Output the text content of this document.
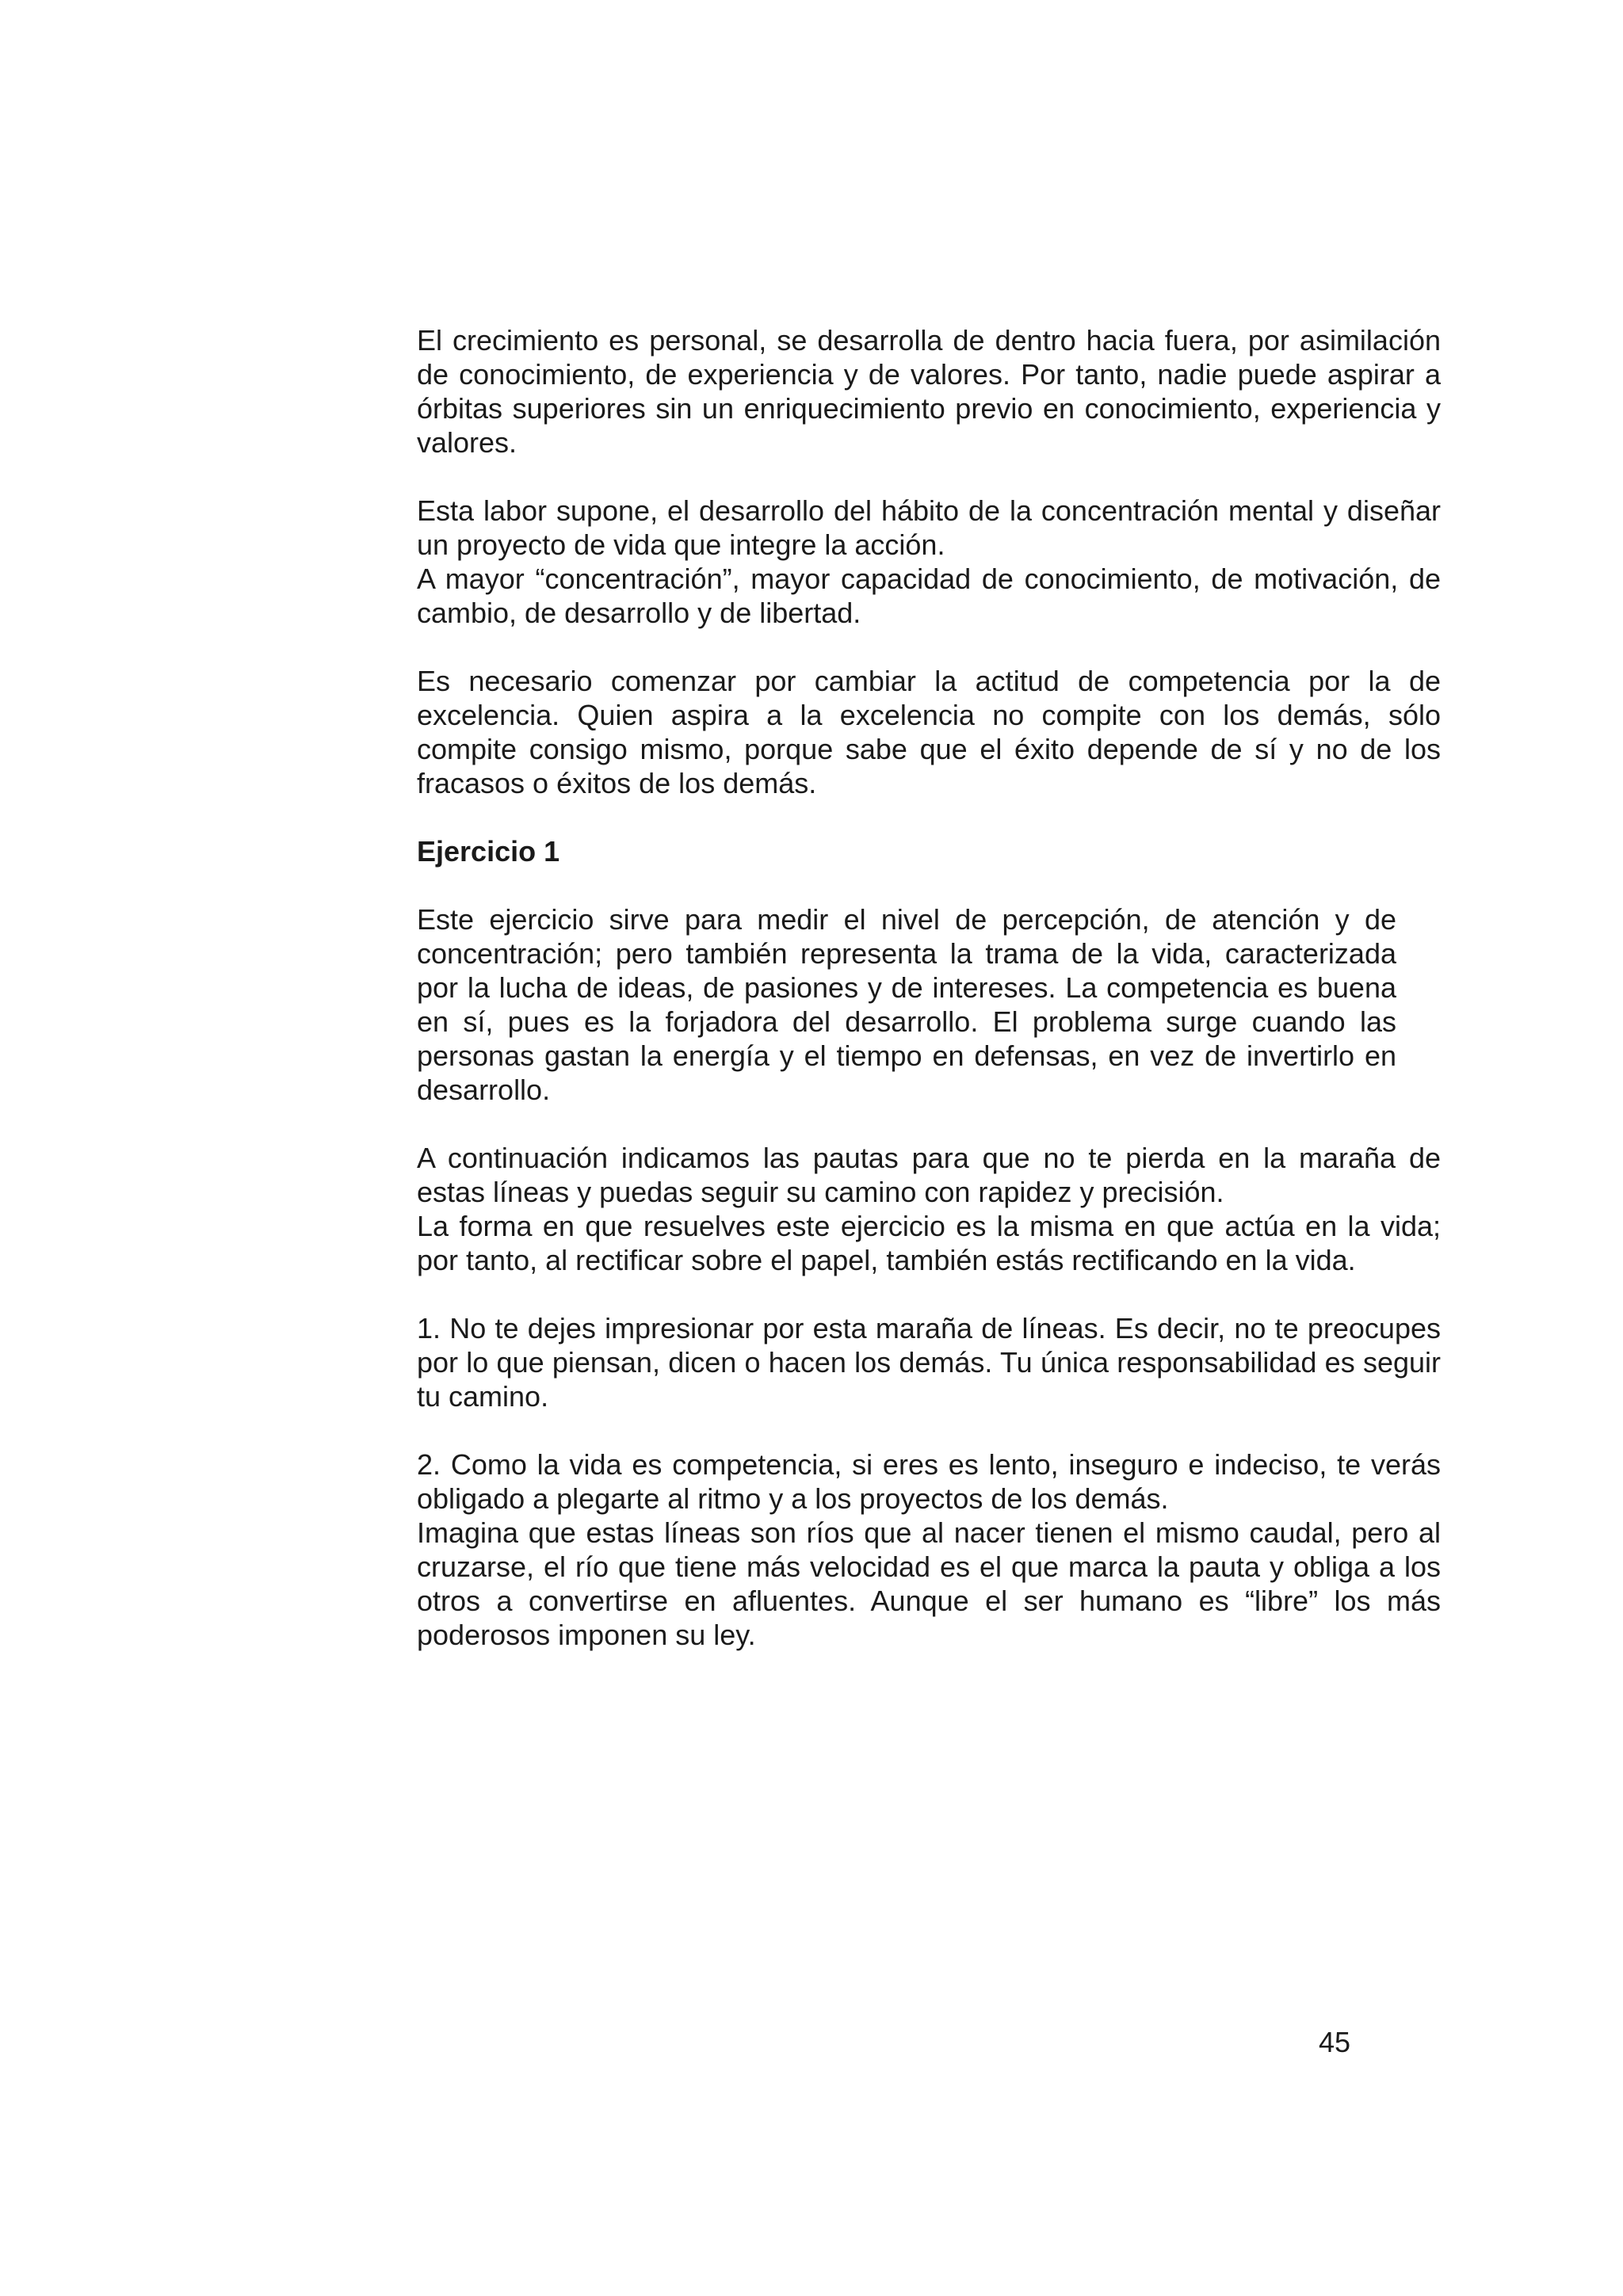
El crecimiento es personal, se desarrolla de dentro hacia fuera, por asimilación de conocimiento, de experiencia y de valores. Por tanto, nadie puede aspirar a órbitas superiores sin un enriquecimiento previo en conocimiento, experiencia y valores.

Esta labor supone, el desarrollo del hábito de la concentración mental y diseñar un proyecto de vida que integre la acción.

A mayor “concentración”, mayor capacidad de conocimiento, de motivación, de cambio, de desarrollo y de libertad.

Es necesario comenzar por cambiar la actitud de competencia por la de excelencia. Quien aspira a la excelencia no compite con los demás, sólo compite consigo mismo, porque sabe que el éxito depende de sí y no de los fracasos o éxitos de los demás.

Ejercicio 1

Este ejercicio sirve para medir el nivel de percepción, de atención y de concentración; pero también representa la trama de la vida, caracterizada por la lucha de ideas, de pasiones y de intereses. La competencia es buena en sí, pues es la forjadora del desarrollo. El problema surge cuando las personas gastan la energía y el tiempo en defensas, en vez de invertirlo en desarrollo.

A continuación indicamos las pautas para que no te pierda en la maraña de estas líneas y puedas seguir su camino con rapidez y precisión.

La forma en que resuelves este ejercicio es la misma en que actúa en la vida; por tanto, al rectificar sobre el papel, también estás rectificando en la vida.

1. No te dejes impresionar por esta maraña de líneas. Es decir, no te preocupes por lo que piensan, dicen o hacen los demás. Tu única responsabilidad es seguir tu camino.

2. Como la vida es competencia, si eres es lento, inseguro e indeciso, te verás obligado a plegarte al ritmo y a los proyectos de los demás.

Imagina que estas líneas son ríos que al nacer tienen el mismo caudal, pero al cruzarse, el río que tiene más velocidad es el que marca la pauta y obliga a los otros a convertirse en afluentes. Aunque el ser humano es “libre” los más poderosos imponen su ley.

45
